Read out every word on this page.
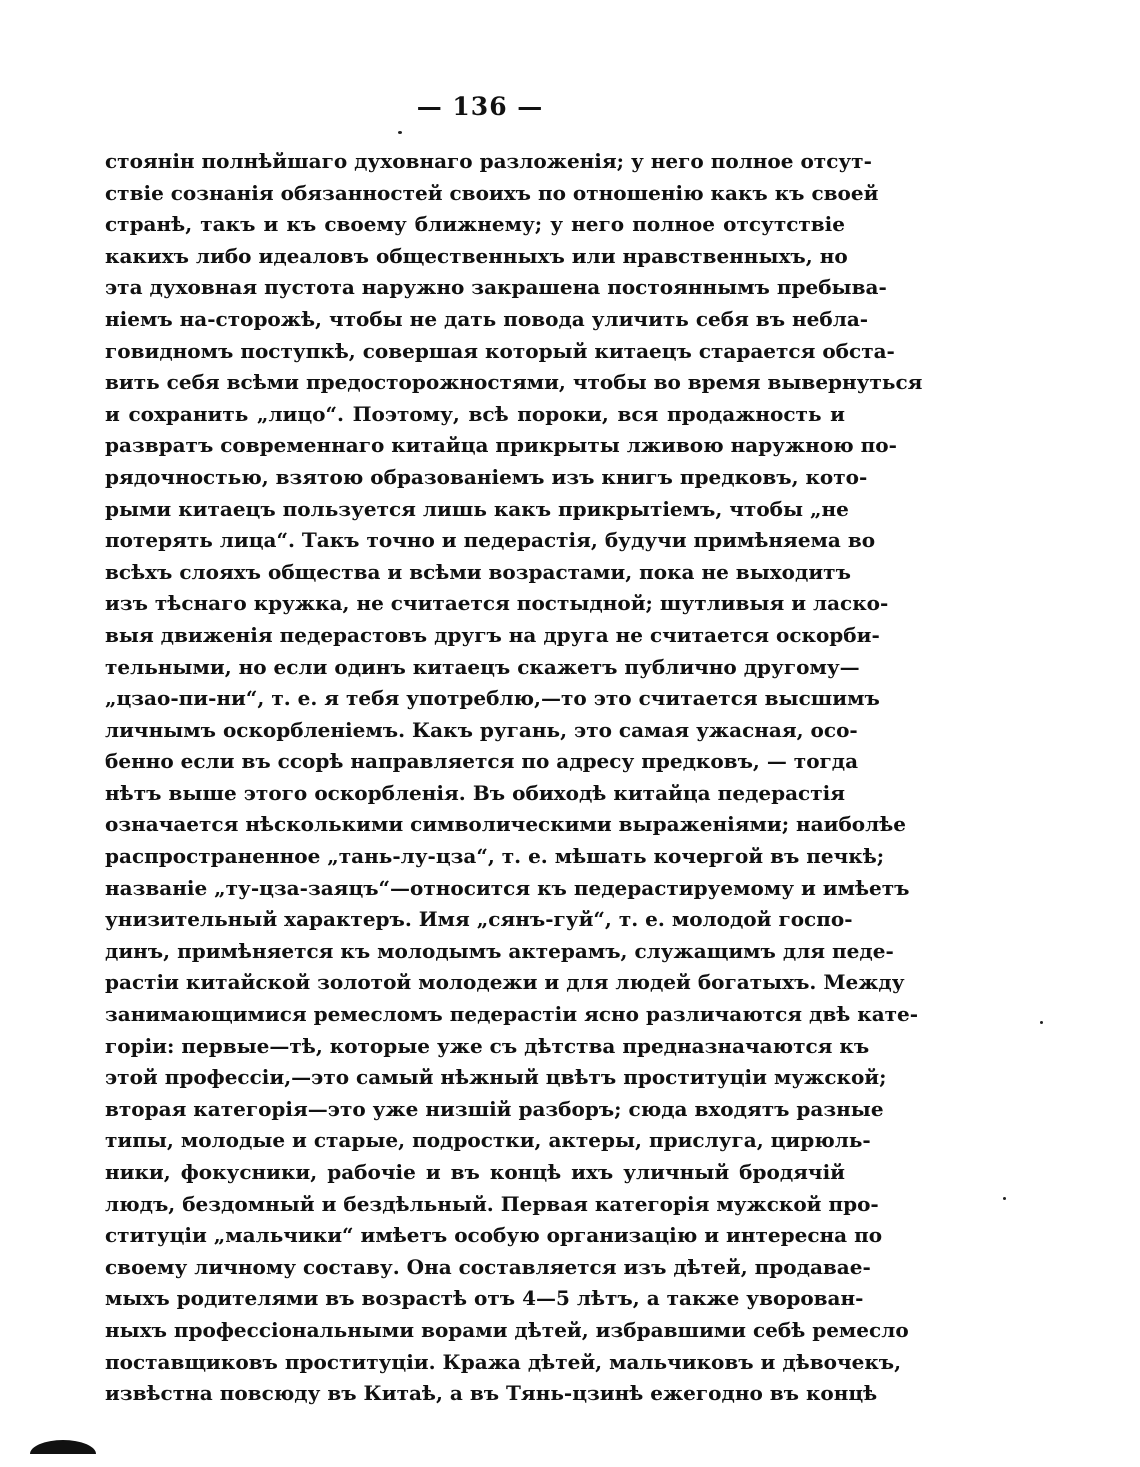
— 136 —
стоянін полнѣйшаго духовнаго разложенія; у него полное отсут-
ствіе сознанія обязанностей своихъ по отношенію какъ къ своей
странѣ, такъ и къ своему ближнему; у него полное отсутствіе
какихъ либо идеаловъ общественныхъ или нравственныхъ, но
эта духовная пустота наружно закрашена постояннымъ пребыва-
ніемъ на-сторожѣ, чтобы не дать повода уличить себя въ небла-
говидномъ поступкѣ, совершая который китаецъ старается обста-
вить себя всѣми предосторожностями, чтобы во время вывернуться
и сохранить „лицо“. Поэтому, всѣ пороки, вся продажность и
развратъ современнаго китайца прикрыты лживою наружною по-
рядочностью, взятою образованіемъ изъ книгъ предковъ, кото-
рыми китаецъ пользуется лишь какъ прикрытіемъ, чтобы „не
потерять лица“. Такъ точно и педерастія, будучи примѣняема во
всѣхъ слояхъ общества и всѣми возрастами, пока не выходитъ
изъ тѣснаго кружка, не считается постыдной; шутливыя и ласко-
выя движенія педерастовъ другъ на друга не считается оскорби-
тельными, но если одинъ китаецъ скажетъ публично другому—
„цзао-пи-ни“, т. е. я тебя употреблю,—то это считается высшимъ
личнымъ оскорбленіемъ. Какъ ругань, это самая ужасная, осо-
бенно если въ ссорѣ направляется по адресу предковъ, — тогда
нѣтъ выше этого оскорбленія. Въ обиходѣ китайца педерастія
означается нѣсколькими символическими выраженіями; наиболѣе
распространенное „тань-лу-цза“, т. е. мѣшать кочергой въ печкѣ;
названіе „ту-цза-заяцъ“—относится къ педерастируемому и имѣетъ
унизительный характеръ. Имя „сянъ-гуй“, т. е. молодой госпо-
динъ, примѣняется къ молодымъ актерамъ, служащимъ для педе-
растіи китайской золотой молодежи и для людей богатыхъ. Между
занимающимися ремесломъ педерастіи ясно различаются двѣ кате-
горіи: первые—тѣ, которые уже съ дѣтства предназначаются къ
этой профессіи,—это самый нѣжный цвѣтъ проституціи мужской;
вторая категорія—это уже низшій разборъ; сюда входятъ разные
типы, молодые и старые, подростки, актеры, прислуга, цирюль-
ники, фокусники, рабочіе и въ концѣ ихъ уличный бродячій
людъ, бездомный и бездѣльный. Первая категорія мужской про-
ституціи „мальчики“ имѣетъ особую организацію и интересна по
своему личному составу. Она составляется изъ дѣтей, продавае-
мыхъ родителями въ возрастѣ отъ 4—5 лѣтъ, а также уворован-
ныхъ профессіональными ворами дѣтей, избравшими себѣ ремесло
поставщиковъ проституціи. Кража дѣтей, мальчиковъ и дѣвочекъ,
извѣстна повсюду въ Китаѣ, а въ Тянь-цзинѣ ежегодно въ концѣ
